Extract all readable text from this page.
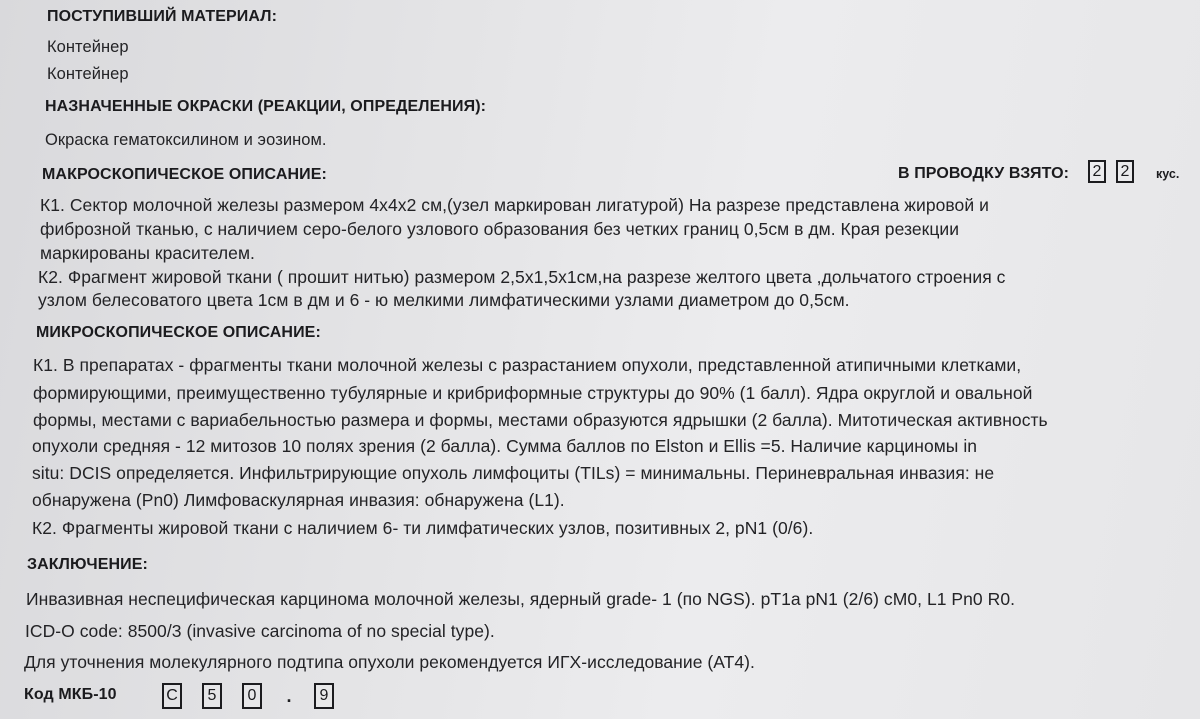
ПОСТУПИВШИЙ МАТЕРИАЛ:
Контейнер
Контейнер
НАЗНАЧЕННЫЕ ОКРАСКИ (РЕАКЦИИ, ОПРЕДЕЛЕНИЯ):
Окраска гематоксилином и эозином.
МАКРОСКОПИЧЕСКОЕ ОПИСАНИЕ:	В ПРОВОДКУ ВЗЯТО: 2 2	кус.
К1. Сектор молочной железы размером 4х4х2 см,(узел маркирован лигатурой) На разрезе представлена жировой и
фиброзной тканью, с наличием серо-белого узлового образования без четких границ 0,5см в дм. Края резекции
маркированы красителем.
К2. Фрагмент жировой ткани ( прошит нитью) размером 2,5х1,5х1см,на разрезе желтого цвета ,дольчатого строения с
узлом белесоватого цвета 1см в дм и 6 - ю мелкими лимфатическими узлами диаметром до 0,5см.
МИКРОСКОПИЧЕСКОЕ ОПИСАНИЕ:
К1. В препаратах - фрагменты ткани молочной железы с разрастанием опухоли, представленной атипичными клетками,
формирующими, преимущественно тубулярные и крибриформные структуры до 90% (1 балл). Ядра округлой и овальной
формы, местами с вариабельностью размера и формы, местами образуются ядрышки (2 балла). Митотическая активность
опухоли средняя - 12 митозов 10 полях зрения (2 балла). Сумма баллов по Elston и Ellis =5. Наличие карциномы in
situ: DCIS определяется. Инфильтрирующие опухоль лимфоциты (TILs) = минимальны. Периневральная инвазия: не
обнаружена (Pn0) Лимфоваскулярная инвазия: обнаружена (L1).
К2. Фрагменты жировой ткани с наличием 6- ти лимфатических узлов, позитивных 2, pN1 (0/6).
ЗАКЛЮЧЕНИЕ:
Инвазивная неспецифическая карцинома молочной железы, ядерный grade- 1 (по NGS). pT1a pN1 (2/6) cM0, L1 Pn0 R0.
ICD-O code: 8500/3 (invasive carcinoma of no special type).
Для уточнения молекулярного подтипа опухоли рекомендуется ИГХ-исследование (АТ4).
Код МКБ-10	С	5	0	.	9
